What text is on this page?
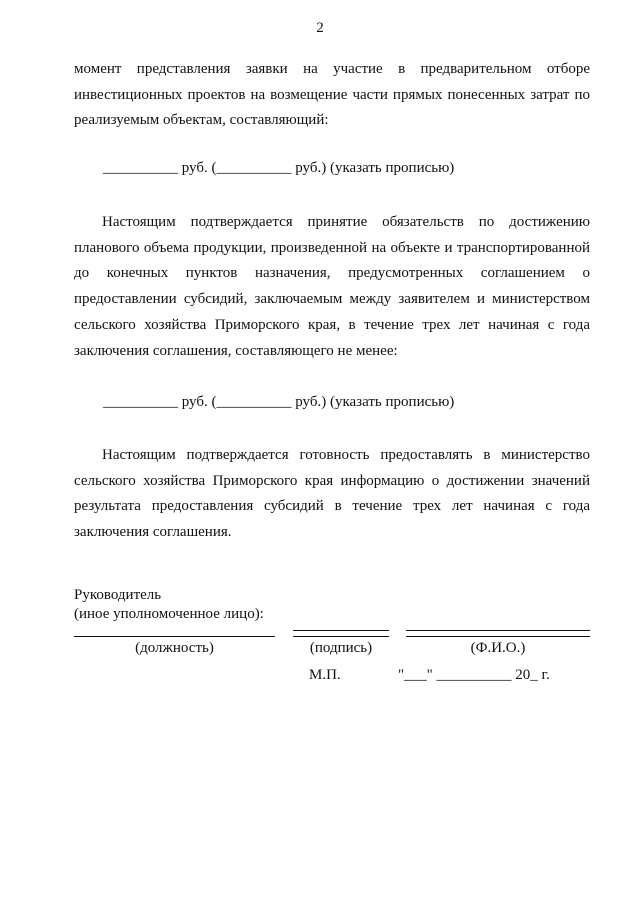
2

момент представления заявки на участие в предварительном отборе инвестиционных проектов на возмещение части прямых понесенных затрат по реализуемым объектам, составляющий:

__________ руб. (__________ руб.) (указать прописью)

Настоящим подтверждается принятие обязательств по достижению планового объема продукции, произведенной на объекте и транспортированной до конечных пунктов назначения, предусмотренных соглашением о предоставлении субсидий, заключаемым между заявителем и министерством сельского хозяйства Приморского края, в течение трех лет начиная с года заключения соглашения, составляющего не менее:

__________ руб. (__________ руб.) (указать прописью)

Настоящим подтверждается готовность предоставлять в министерство сельского хозяйства Приморского края информацию о достижении значений результата предоставления субсидий в течение трех лет начиная с года заключения соглашения.

Руководитель
(иное уполномоченное лицо):

(должность)	(подпись)	(Ф.И.О.)

М.П.	"___" __________ 20_ г.
